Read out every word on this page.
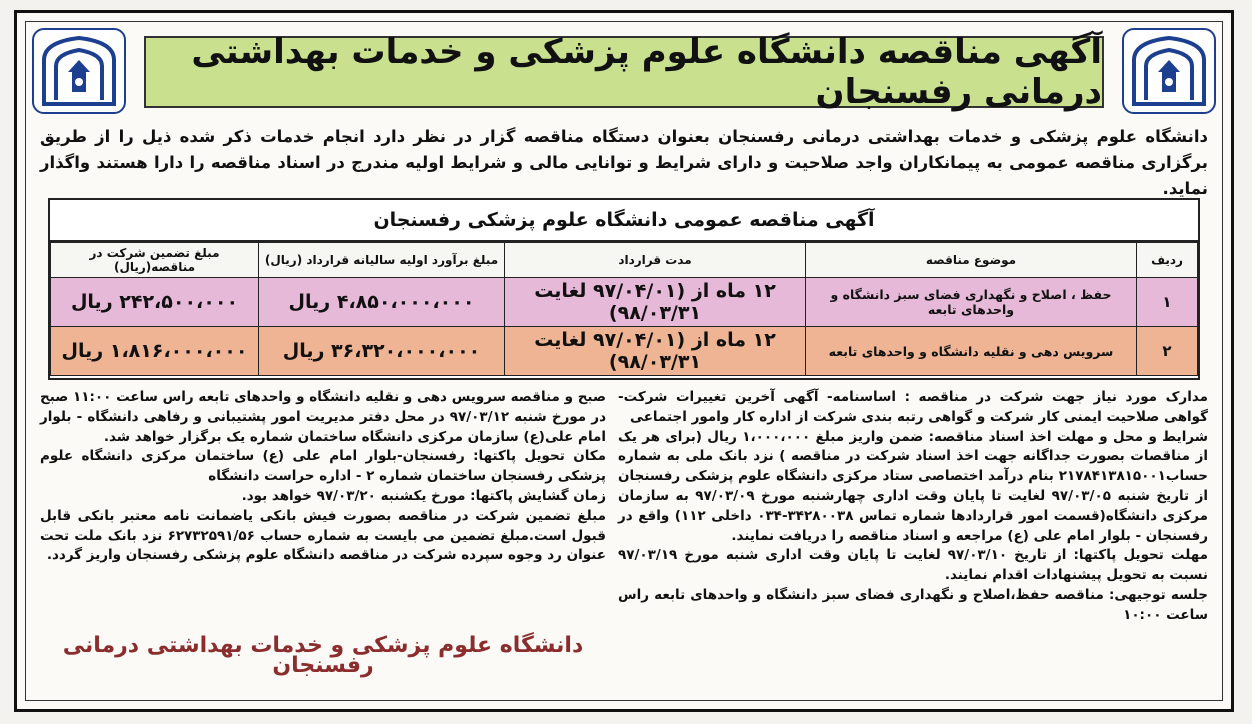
آگهی مناقصه دانشگاه علوم پزشکی و خدمات بهداشتی درمانی رفسنجان
دانشگاه علوم پزشکی و خدمات بهداشتی درمانی رفسنجان بعنوان دستگاه مناقصه گزار در نظر دارد انجام خدمات ذکر شده ذیل را از طریق برگزاری مناقصه عمومی به پیمانکاران واجد صلاحیت و دارای شرایط و توانایی مالی و شرایط اولیه مندرج در اسناد مناقصه را دارا هستند واگذار نماید.
آگهی مناقصه عمومی دانشگاه علوم پزشکی رفسنجان
ردیف	موضوع مناقصه	مدت قرارداد	مبلغ برآورد اولیه سالیانه قرارداد (ریال)	مبلغ تضمین شرکت در مناقصه(ریال)
۱	حفظ ، اصلاح و نگهداری فضای سبز دانشگاه و واحدهای تابعه	۱۲ ماه از (۹۷/۰۴/۰۱ لغایت ۹۸/۰۳/۳۱)	۴،۸۵۰،۰۰۰،۰۰۰ ریال	۲۴۲،۵۰۰،۰۰۰ ریال
۲	سرویس دهی و نقلیه دانشگاه و واحدهای تابعه	۱۲ ماه از (۹۷/۰۴/۰۱ لغایت ۹۸/۰۳/۳۱)	۳۶،۳۲۰،۰۰۰،۰۰۰ ریال	۱،۸۱۶،۰۰۰،۰۰۰ ریال

مدارک مورد نیاز جهت شرکت در مناقصه : اساسنامه- آگهی آخرین تغییرات شرکت- گواهی صلاحیت ایمنی کار شرکت و گواهی رتبه بندی شرکت از اداره کار وامور اجتماعی

شرایط و محل و مهلت اخذ اسناد مناقصه: ضمن واریز مبلغ ۱،۰۰۰،۰۰۰ ریال (برای هر یک از مناقصات بصورت جداگانه جهت اخذ اسناد شرکت در مناقصه ) نزد بانک ملی به شماره حساب۲۱۷۸۴۱۳۸۱۵۰۰۱ بنام درآمد اختصاصی ستاد مرکزی دانشگاه علوم پزشکی رفسنجان از تاریخ شنبه ۹۷/۰۳/۰۵ لغایت تا پایان وقت اداری چهارشنبه مورخ ۹۷/۰۳/۰۹ به سازمان مرکزی دانشگاه(قسمت امور قراردادها شماره تماس ۳۴۲۸۰۰۳۸-۰۳۴ داخلی ۱۱۲) واقع در رفسنجان - بلوار امام علی (ع) مراجعه و اسناد مناقصه را دریافت نمایند.

مهلت تحویل پاکتها: از تاریخ ۹۷/۰۳/۱۰ لغایت تا پایان وقت اداری شنبه مورخ ۹۷/۰۳/۱۹ نسبت به تحویل پیشنهادات اقدام نمایند.

جلسه توجیهی: مناقصه حفظ،اصلاح و نگهداری فضای سبز دانشگاه و واحدهای تابعه راس ساعت ۱۰:۰۰

صبح و مناقصه سرویس دهی و نقلیه دانشگاه و واحدهای تابعه راس ساعت ۱۱:۰۰ صبح در مورخ شنبه ۹۷/۰۳/۱۲ در محل دفتر مدیریت امور پشتیبانی و رفاهی دانشگاه - بلوار امام علی(ع) سازمان مرکزی دانشگاه ساختمان شماره یک برگزار خواهد شد.

مکان تحویل پاکتها: رفسنجان-بلوار امام علی (ع) ساختمان مرکزی دانشگاه علوم پزشکی رفسنجان ساختمان شماره ۲ - اداره حراست دانشگاه

زمان گشایش پاکتها: مورخ یکشنبه ۹۷/۰۳/۲۰ خواهد بود.

مبلغ تضمین شرکت در مناقصه بصورت فیش بانکی یاضمانت نامه معتبر بانکی قابل قبول است.مبلغ تضمین می بایست به شماره حساب ۶۲۷۳۲۵۹۱/۵۶ نزد بانک ملت تحت عنوان رد وجوه سپرده شرکت در مناقصه دانشگاه علوم پزشکی رفسنجان واریز گردد.

دانشگاه علوم پزشکی و خدمات بهداشتی درمانی رفسنجان
